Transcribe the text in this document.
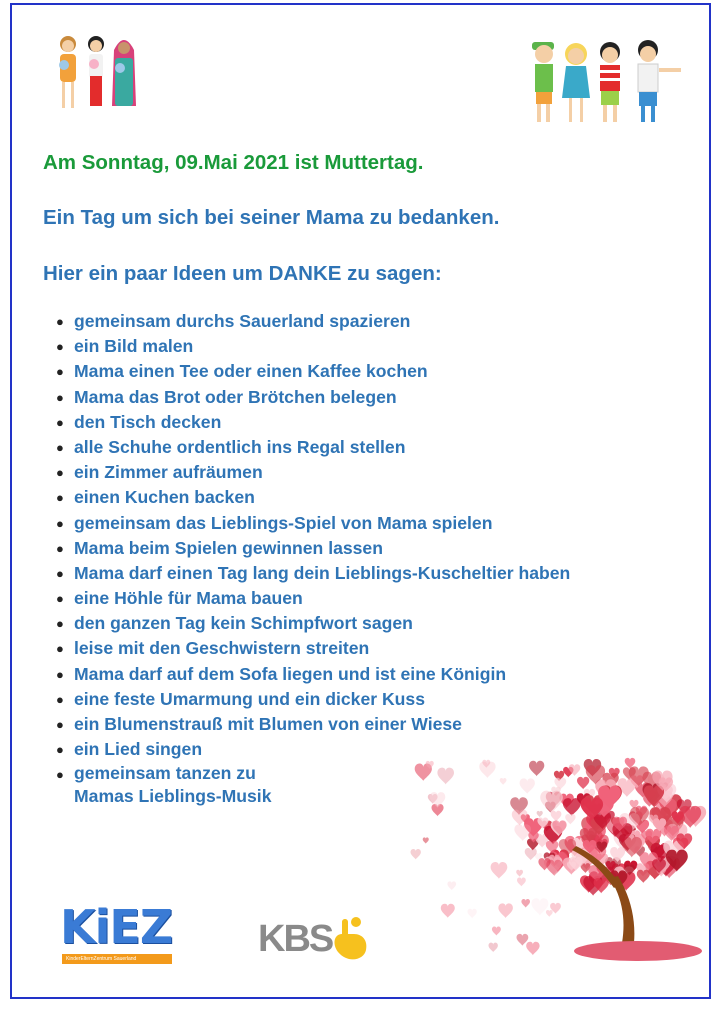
Am Sonntag, 09.Mai 2021 ist Muttertag.
Ein Tag um sich bei seiner Mama zu bedanken.
Hier ein paar Ideen um DANKE zu sagen:
● gemeinsam durchs Sauerland spazieren
● ein Bild malen
● Mama einen Tee oder einen Kaffee kochen
● Mama das Brot oder Brötchen belegen
● den Tisch decken
● alle Schuhe ordentlich ins Regal stellen
● ein Zimmer aufräumen
● einen Kuchen backen
● gemeinsam das Lieblings-Spiel von Mama spielen
● Mama beim Spielen gewinnen lassen
● Mama darf einen Tag lang dein Lieblings-Kuscheltier haben
● eine Höhle für Mama bauen
● den ganzen Tag kein Schimpfwort sagen
● leise mit den Geschwistern streiten
● Mama darf auf dem Sofa liegen und ist eine Königin
● eine feste Umarmung und ein dicker Kuss
● ein Blumenstrauß mit Blumen von einer Wiese
● ein Lied singen
● gemeinsam tanzen zu
Mamas Lieblings-Musik
KiEZ
KinderElternZentrum Sauerland	KBS
